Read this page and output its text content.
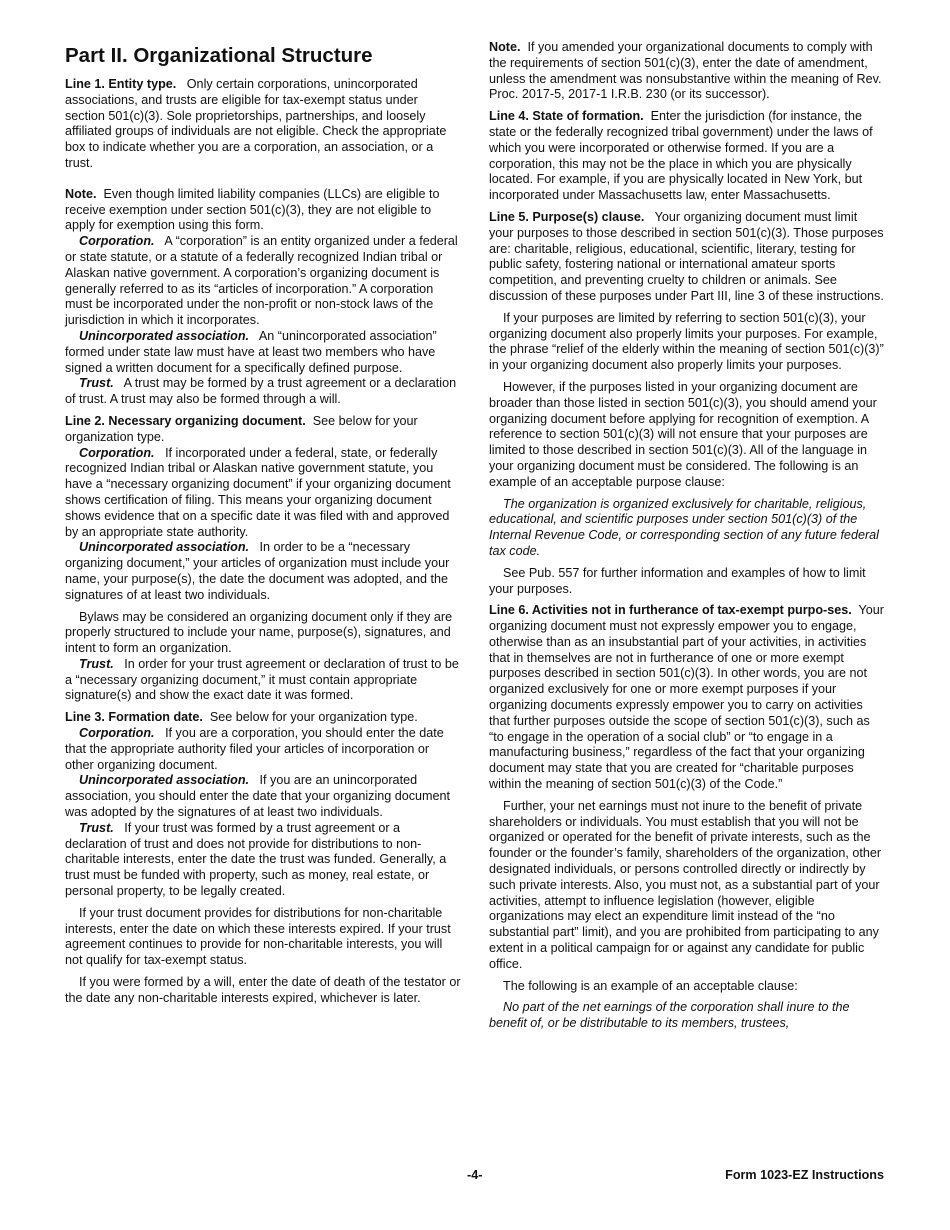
Part II. Organizational Structure

Line 1. Entity type. Only certain corporations, unincorporated associations, and trusts are eligible for tax-exempt status under section 501(c)(3). Sole proprietorships, partnerships, and loosely affiliated groups of individuals are not eligible. Check the appropriate box to indicate whether you are a corporation, an association, or a trust.

Note. Even though limited liability companies (LLCs) are eligible to receive exemption under section 501(c)(3), they are not eligible to apply for exemption using this form.

Corporation. A “corporation” is an entity organized under a federal or state statute, or a statute of a federally recognized Indian tribal or Alaskan native government. A corporation’s organizing document is generally referred to as its “articles of incorporation.” A corporation must be incorporated under the non-profit or non-stock laws of the jurisdiction in which it incorporates.

Unincorporated association. An “unincorporated association” formed under state law must have at least two members who have signed a written document for a specifically defined purpose.

Trust. A trust may be formed by a trust agreement or a declaration of trust. A trust may also be formed through a will.

Line 2. Necessary organizing document. See below for your organization type.

Corporation. If incorporated under a federal, state, or federally recognized Indian tribal or Alaskan native government statute, you have a “necessary organizing document” if your organizing document shows certification of filing. This means your organizing document shows evidence that on a specific date it was filed with and approved by an appropriate state authority.

Unincorporated association. In order to be a “necessary organizing document,” your articles of organization must include your name, your purpose(s), the date the document was adopted, and the signatures of at least two individuals.

Bylaws may be considered an organizing document only if they are properly structured to include your name, purpose(s), signatures, and intent to form an organization.

Trust. In order for your trust agreement or declaration of trust to be a “necessary organizing document,” it must contain appropriate signature(s) and show the exact date it was formed.

Line 3. Formation date. See below for your organization type.

Corporation. If you are a corporation, you should enter the date that the appropriate authority filed your articles of incorporation or other organizing document.

Unincorporated association. If you are an unincorporated association, you should enter the date that your organizing document was adopted by the signatures of at least two individuals.

Trust. If your trust was formed by a trust agreement or a declaration of trust and does not provide for distributions to non-charitable interests, enter the date the trust was funded. Generally, a trust must be funded with property, such as money, real estate, or personal property, to be legally created.

If your trust document provides for distributions for non-charitable interests, enter the date on which these interests expired. If your trust agreement continues to provide for non-charitable interests, you will not qualify for tax-exempt status.

If you were formed by a will, enter the date of death of the testator or the date any non-charitable interests expired, whichever is later.

Note. If you amended your organizational documents to comply with the requirements of section 501(c)(3), enter the date of amendment, unless the amendment was nonsubstantive within the meaning of Rev. Proc. 2017-5, 2017-1 I.R.B. 230 (or its successor).

Line 4. State of formation. Enter the jurisdiction (for instance, the state or the federally recognized tribal government) under the laws of which you were incorporated or otherwise formed. If you are a corporation, this may not be the place in which you are physically located. For example, if you are physically located in New York, but incorporated under Massachusetts law, enter Massachusetts.

Line 5. Purpose(s) clause. Your organizing document must limit your purposes to those described in section 501(c)(3). Those purposes are: charitable, religious, educational, scientific, literary, testing for public safety, fostering national or international amateur sports competition, and preventing cruelty to children or animals. See discussion of these purposes under Part III, line 3 of these instructions.

If your purposes are limited by referring to section 501(c)(3), your organizing document also properly limits your purposes. For example, the phrase “relief of the elderly within the meaning of section 501(c)(3)” in your organizing document also properly limits your purposes.

However, if the purposes listed in your organizing document are broader than those listed in section 501(c)(3), you should amend your organizing document before applying for recognition of exemption. A reference to section 501(c)(3) will not ensure that your purposes are limited to those described in section 501(c)(3). All of the language in your organizing document must be considered. The following is an example of an acceptable purpose clause:

The organization is organized exclusively for charitable, religious, educational, and scientific purposes under section 501(c)(3) of the Internal Revenue Code, or corresponding section of any future federal tax code.

See Pub. 557 for further information and examples of how to limit your purposes.

Line 6. Activities not in furtherance of tax-exempt purpo-ses. Your organizing document must not expressly empower you to engage, otherwise than as an insubstantial part of your activities, in activities that in themselves are not in furtherance of one or more exempt purposes described in section 501(c)(3). In other words, you are not organized exclusively for one or more exempt purposes if your organizing documents expressly empower you to carry on activities that further purposes outside the scope of section 501(c)(3), such as “to engage in the operation of a social club” or “to engage in a manufacturing business,” regardless of the fact that your organizing document may state that you are created for “charitable purposes within the meaning of section 501(c)(3) of the Code.”

Further, your net earnings must not inure to the benefit of private shareholders or individuals. You must establish that you will not be organized or operated for the benefit of private interests, such as the founder or the founder’s family, shareholders of the organization, other designated individuals, or persons controlled directly or indirectly by such private interests. Also, you must not, as a substantial part of your activities, attempt to influence legislation (however, eligible organizations may elect an expenditure limit instead of the “no substantial part” limit), and you are prohibited from participating to any extent in a political campaign for or against any candidate for public office.

The following is an example of an acceptable clause:

No part of the net earnings of the corporation shall inure to the benefit of, or be distributable to its members, trustees,

-4-	Form 1023-EZ Instructions
